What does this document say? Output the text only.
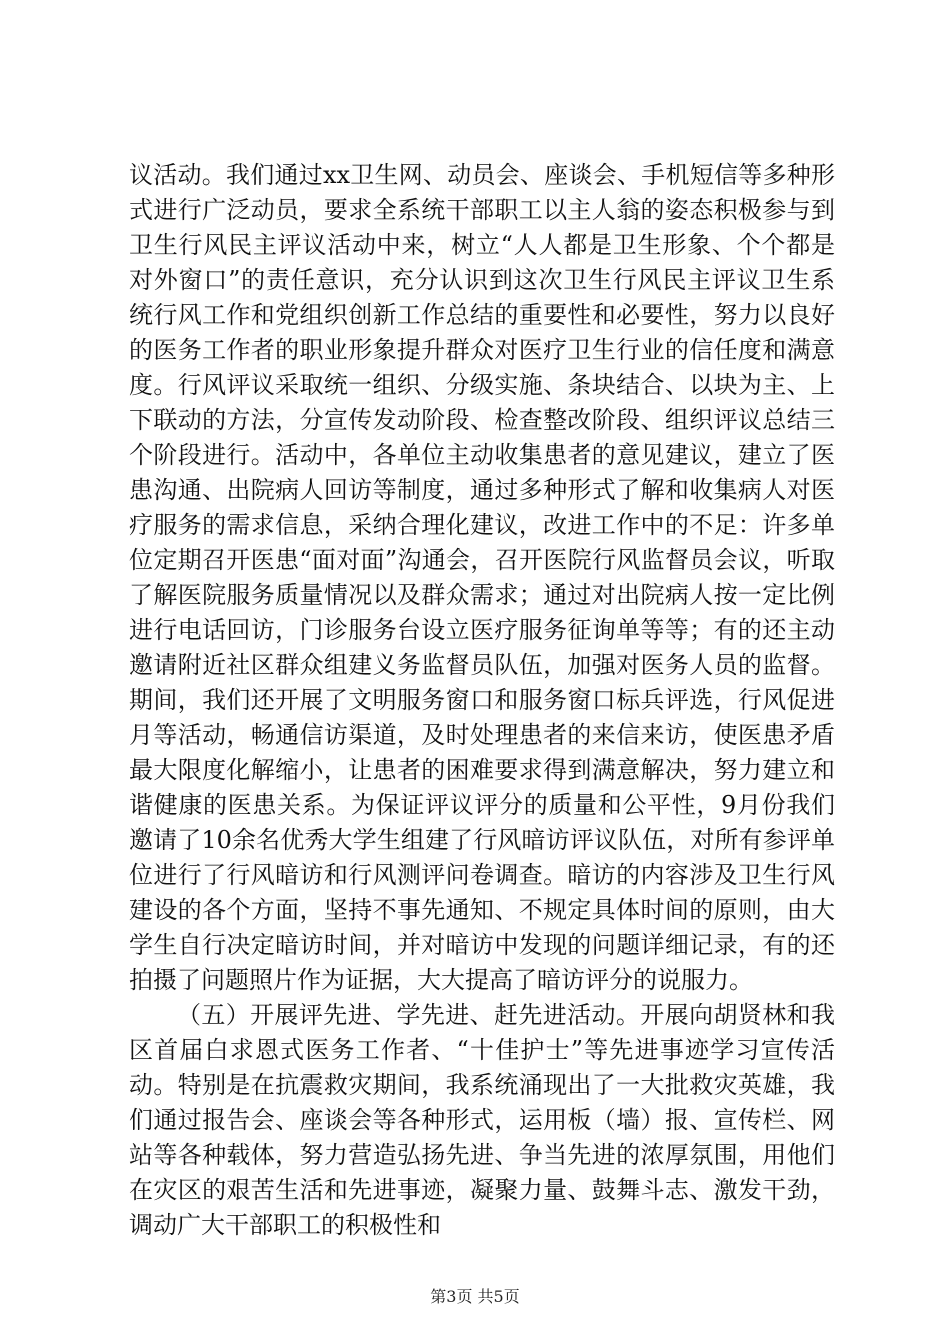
议活动。我们通过xx卫生网、动员会、座谈会、手机短信等多种形式进行广泛动员，要求全系统干部职工以主人翁的姿态积极参与到卫生行风民主评议活动中来，树立“人人都是卫生形象、个个都是对外窗口”的责任意识，充分认识到这次卫生行风民主评议卫生系统行风工作和党组织创新工作总结的重要性和必要性，努力以良好的医务工作者的职业形象提升群众对医疗卫生行业的信任度和满意度。行风评议采取统一组织、分级实施、条块结合、以块为主、上下联动的方法，分宣传发动阶段、检查整改阶段、组织评议总结三个阶段进行。活动中，各单位主动收集患者的意见建议，建立了医患沟通、出院病人回访等制度，通过多种形式了解和收集病人对医疗服务的需求信息，采纳合理化建议，改进工作中的不足：许多单位定期召开医患“面对面”沟通会，召开医院行风监督员会议，听取了解医院服务质量情况以及群众需求；通过对出院病人按一定比例进行电话回访，门诊服务台设立医疗服务征询单等等；有的还主动邀请附近社区群众组建义务监督员队伍，加强对医务人员的监督。期间，我们还开展了文明服务窗口和服务窗口标兵评选，行风促进月等活动，畅通信访渠道，及时处理患者的来信来访，使医患矛盾最大限度化解缩小，让患者的困难要求得到满意解决，努力建立和谐健康的医患关系。为保证评议评分的质量和公平性，9月份我们邀请了10余名优秀大学生组建了行风暗访评议队伍，对所有参评单位进行了行风暗访和行风测评问卷调查。暗访的内容涉及卫生行风建设的各个方面，坚持不事先通知、不规定具体时间的原则，由大学生自行决定暗访时间，并对暗访中发现的问题详细记录，有的还拍摄了问题照片作为证据，大大提高了暗访评分的说服力。

（五）开展评先进、学先进、赶先进活动。开展向胡贤林和我区首届白求恩式医务工作者、“十佳护士”等先进事迹学习宣传活动。特别是在抗震救灾期间，我系统涌现出了一大批救灾英雄，我们通过报告会、座谈会等各种形式，运用板（墙）报、宣传栏、网站等各种载体，努力营造弘扬先进、争当先进的浓厚氛围，用他们在灾区的艰苦生活和先进事迹，凝聚力量、鼓舞斗志、激发干劲，调动广大干部职工的积极性和

第3页 共5页
